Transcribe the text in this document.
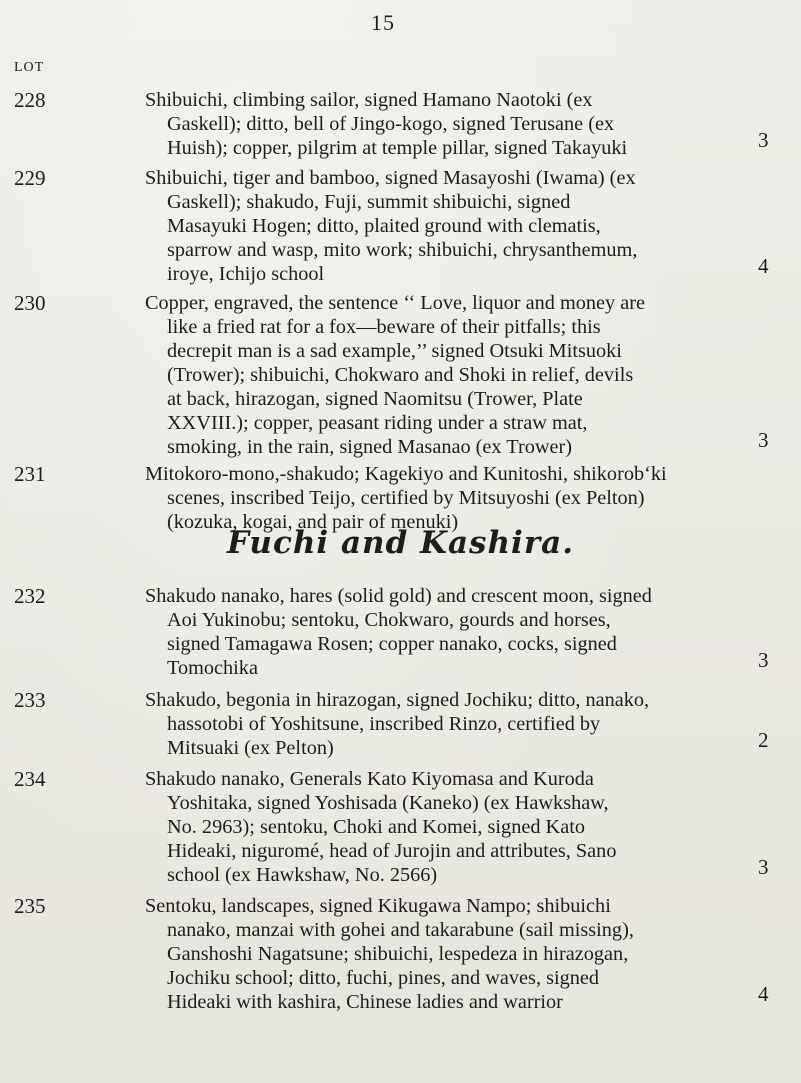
15
LOT
228	Shibuichi, climbing sailor, signed Hamano Naotoki (ex
Gaskell); ditto, bell of Jingo-kogo, signed Terusane (ex
Huish); copper, pilgrim at temple pillar, signed Takayuki	3
229	Shibuichi, tiger and bamboo, signed Masayoshi (Iwama) (ex
Gaskell); shakudo, Fuji, summit shibuichi, signed
Masayuki Hogen; ditto, plaited ground with clematis,
sparrow and wasp, mito work; shibuichi, chrysanthemum,
iroye, Ichijo school	4
230	Copper, engraved, the sentence ‘‘ Love, liquor and money are
like a fried rat for a fox—beware of their pitfalls; this
decrepit man is a sad example,’’ signed Otsuki Mitsuoki
(Trower); shibuichi, Chokwaro and Shoki in relief, devils
at back, hirazogan, signed Naomitsu (Trower, Plate
XXVIII.); copper, peasant riding under a straw mat,
smoking, in the rain, signed Masanao (ex Trower)	3
231	Mitokoro-mono,-shakudo; Kagekiyo and Kunitoshi, shikorob‘ki
scenes, inscribed Teijo, certified by Mitsuyoshi (ex Pelton)
(kozuka, kogai, and pair of menuki)
Fuchi and Kashira.
232	Shakudo nanako, hares (solid gold) and crescent moon, signed
Aoi Yukinobu; sentoku, Chokwaro, gourds and horses,
signed Tamagawa Rosen; copper nanako, cocks, signed
Tomochika	3
233	Shakudo, begonia in hirazogan, signed Jochiku; ditto, nanako,
hassotobi of Yoshitsune, inscribed Rinzo, certified by
Mitsuaki (ex Pelton)	2
234	Shakudo nanako, Generals Kato Kiyomasa and Kuroda
Yoshitaka, signed Yoshisada (Kaneko) (ex Hawkshaw,
No. 2963); sentoku, Choki and Komei, signed Kato
Hideaki, niguromé, head of Jurojin and attributes, Sano
school (ex Hawkshaw, No. 2566)	3
235	Sentoku, landscapes, signed Kikugawa Nampo; shibuichi
nanako, manzai with gohei and takarabune (sail missing),
Ganshoshi Nagatsune; shibuichi, lespedeza in hirazogan,
Jochiku school; ditto, fuchi, pines, and waves, signed
Hideaki with kashira, Chinese ladies and warrior	4
